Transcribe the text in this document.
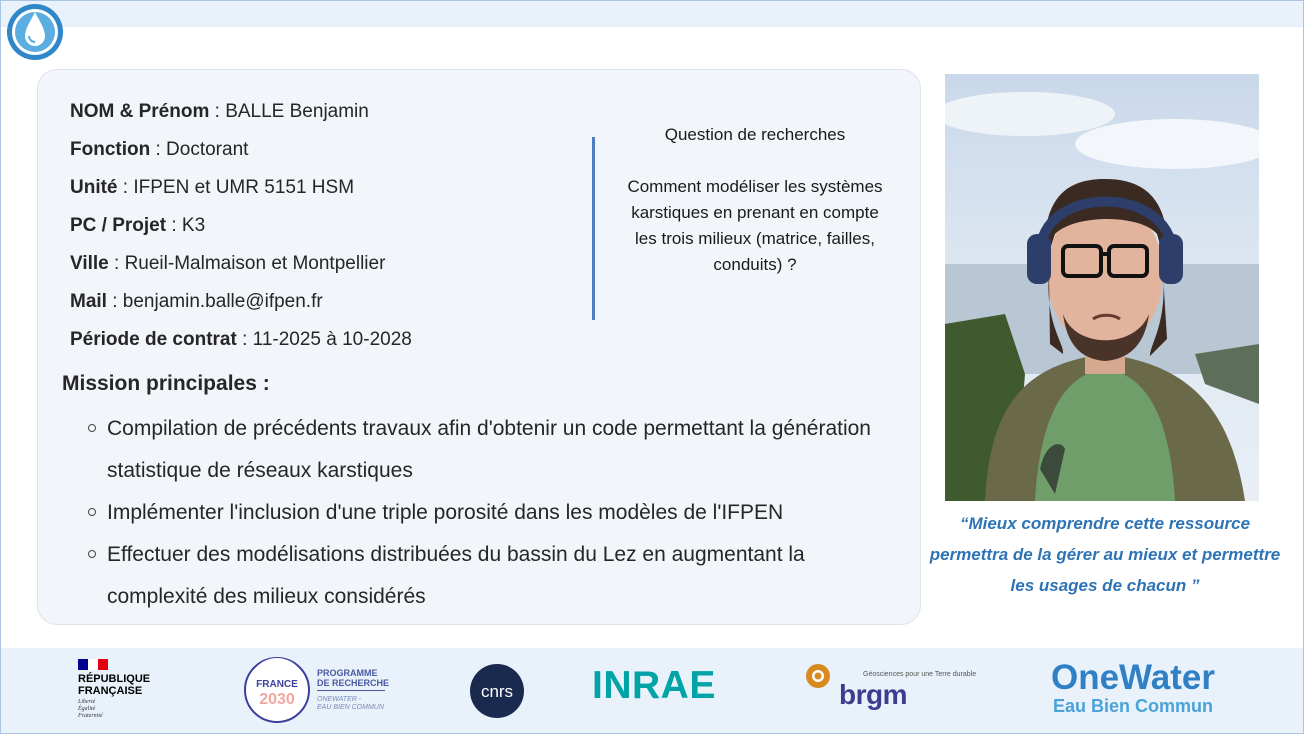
NOM & Prénom : BALLE Benjamin
Fonction : Doctorant
Unité : IFPEN et UMR 5151 HSM
PC / Projet : K3
Ville : Rueil-Malmaison et Montpellier
Mail : benjamin.balle@ifpen.fr
Période de contrat : 11-2025 à 10-2028
Question de recherches
Comment modéliser les systèmes karstiques en prenant en compte les trois milieux (matrice, failles, conduits) ?
Mission principales :
Compilation de précédents travaux afin d'obtenir un code permettant la génération statistique de réseaux karstiques
Implémenter l'inclusion d'une triple porosité dans les modèles de l'IFPEN
Effectuer des modélisations distribuées du bassin du Lez en augmentant la complexité des milieux considérés
“Mieux comprendre cette ressource permettra de la gérer au mieux et permettre les usages de chacun ”
RÉPUBLIQUE
FRANÇAISE
Liberté
Égalité
Fraternité
FRANCE
2030
PROGRAMME
DE RECHERCHE
ONEWATER -
EAU BIEN COMMUN
cnrs INRAE	Géosciences pour une Terre durable
brgm	OneWater
Eau Bien Commun
